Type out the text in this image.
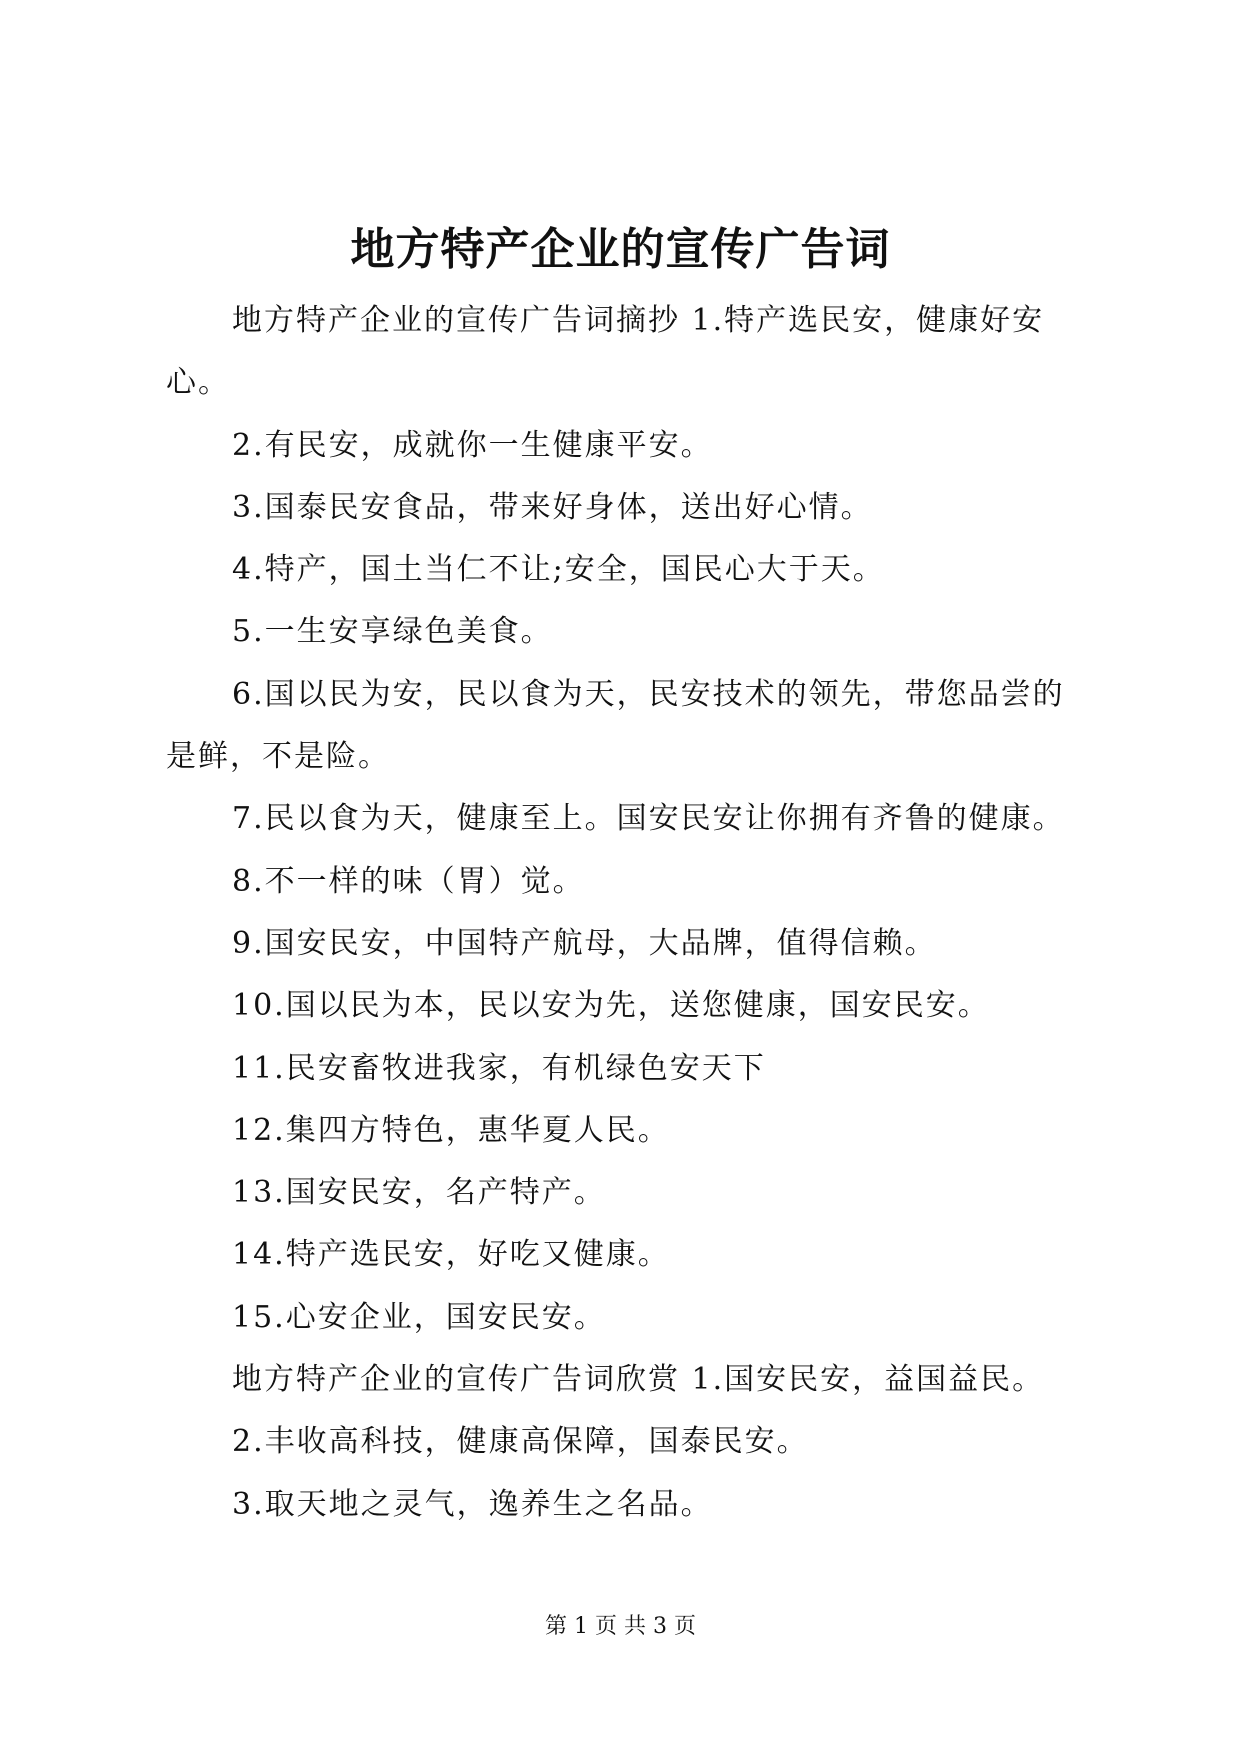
地方特产企业的宣传广告词

地方特产企业的宣传广告词摘抄 1.特产选民安，健康好安心。

2.有民安，成就你一生健康平安。

3.国泰民安食品，带来好身体，送出好心情。

4.特产，国土当仁不让;安全，国民心大于天。

5.一生安享绿色美食。

6.国以民为安，民以食为天，民安技术的领先，带您品尝的是鲜，不是险。

7.民以食为天，健康至上。国安民安让你拥有齐鲁的健康。

8.不一样的味（胃）觉。

9.国安民安，中国特产航母，大品牌，值得信赖。

10.国以民为本，民以安为先，送您健康，国安民安。

11.民安畜牧进我家，有机绿色安天下

12.集四方特色，惠华夏人民。

13.国安民安，名产特产。

14.特产选民安，好吃又健康。

15.心安企业，国安民安。

地方特产企业的宣传广告词欣赏 1.国安民安，益国益民。

2.丰收高科技，健康高保障，国泰民安。

3.取天地之灵气，逸养生之名品。

第 1 页 共 3 页
